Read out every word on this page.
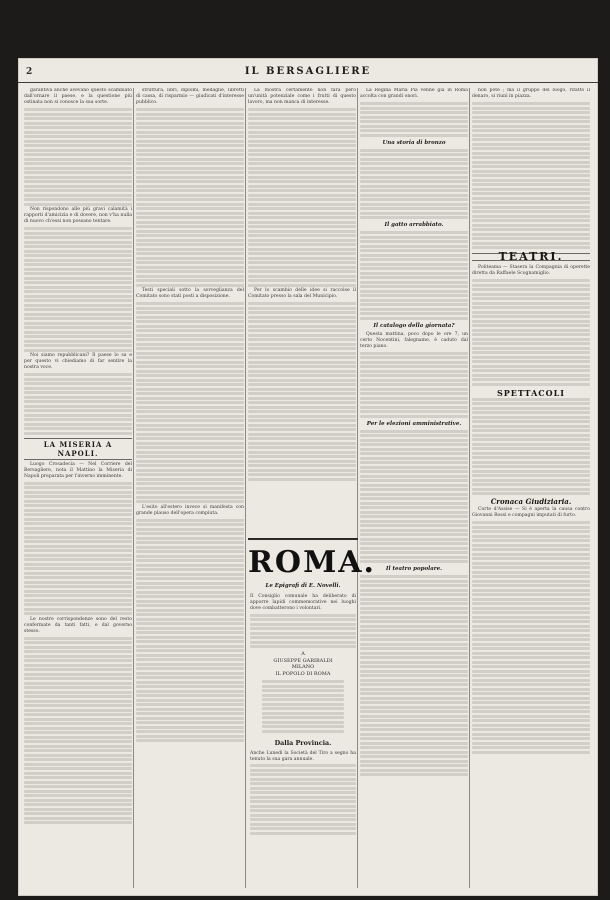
2	IL BERSAGLIERE

garantiva anche avevano questo scambiato dall'ornare il paese, e la questione più ostinata non si conosce la sua sorte.

Non rispondono alle più gravi calamità i rapporti d'amicizia e di dovere, non v'ha nulla di nuovo ch'essi non possano tentare.

Noi siamo repubblicani? Il paese lo sa e per questo vi chiediamo di far sentire la nostra voce.

LA MISERIA A NAPOLI.

Luogo Crosadecia — Nel Corriere del Bersagliere, nota il Mattino la Miseria di Napoli preparata per l'inverno imminente.

Le nostre corrispondenze sono del resto confermate da tanti fatti, e dal governo stesso.

struttura, libri, diplomi, medaglie, libretti di cassa, di risparmio — giudicati d'interesse pubblico.

Testi speciali sotto la sorveglianza del Comitato sono stati posti a disposizione.

L'esito all'estero invece si manifesta con grande plauso dell'opera compiuta.

La mostra certamente non farà però un'unità potenziale come i frutti di questo lavoro, ma non manca di interesse.

Per lo scambio delle idee si raccolse il Comitato presso la sala del Municipio.

ROMA.
Le Epigrafi di E. Novelli.
Il Consiglio comunale ha deliberato di apporre lapidi commemorative nei luoghi dove combatterono i volontari.
A
GIUSEPPE GARIBALDI
MILANO
IL POPOLO DI ROMA
Dalla Provincia.

Anche Lunedì la Società del Tiro a segno ha tenuto la sua gara annuale.

La Regina Maria Pia venne già in Roma accolta con grandi onori.

Una storia di bronzo
Il gatto arrabbiato.
Il catalogo della giornata?

Questa mattina, poco dopo le ore 7, un certo Nocentini, falegname, è caduto dal terzo piano.

Per le elezioni amministrative.
Il teatro popolare.

non potè ; ma il gruppo del luogo, rifatto il denaro, si riunì in piazza.

TEATRI.

Politeama — Stasera la Compagnia di operette diretta da Raffaele Scognamiglio.

SPETTACOLI
Cronaca Giudiziaria.

Corte d'Assise — Si è aperta la causa contro Giovanni Rossi e compagni imputati di furto.
